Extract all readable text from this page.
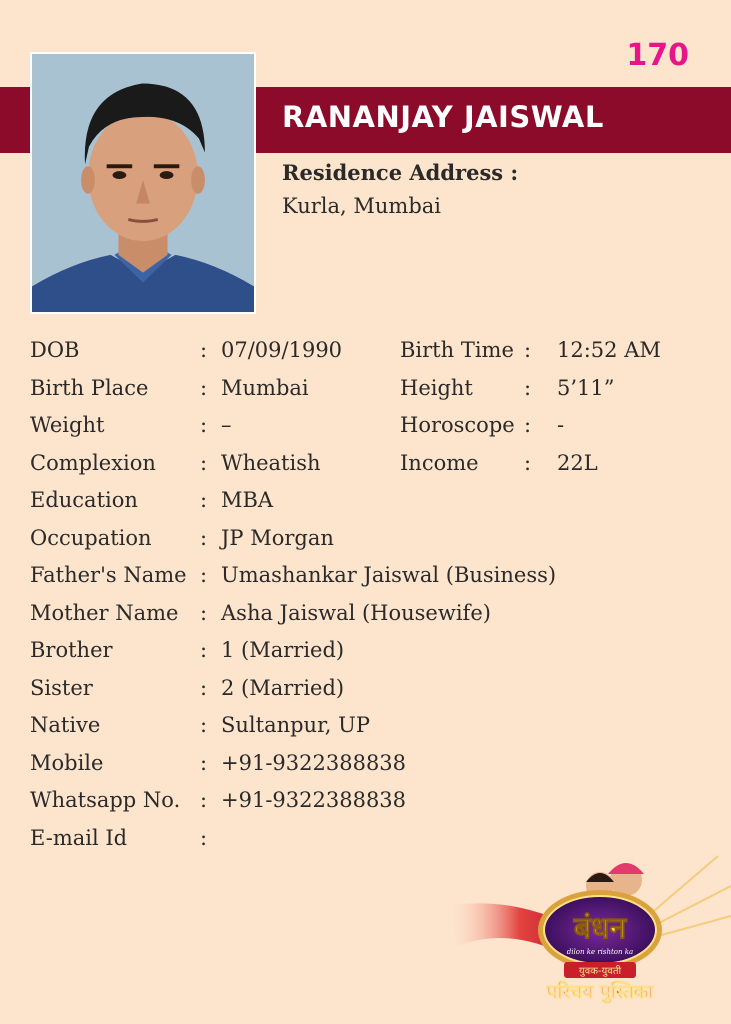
170
RANANJAY JAISWAL
Residence Address :
Kurla, Mumbai
DOB	: 07/09/1990
Birth Place : Mumbai
Weight	: –
Complexion : Wheatish
Education	: MBA
Occupation : JP Morgan
Father's Name : Umashankar Jaiswal (Business)
Mother Name : Asha Jaiswal (Housewife)
Brother	: 1 (Married)
Sister	: 2 (Married)
Native	: Sultanpur, UP
Mobile	: +91-9322388838
Whatsapp No. : +91-9322388838
E-mail Id	:
Birth Time : 12:52 AM
Height : 5’11”
Horoscope : -
Income : 22L
बंधन
dilon ke rishton ka
युवक-युवती
परिचय पुस्तिका
